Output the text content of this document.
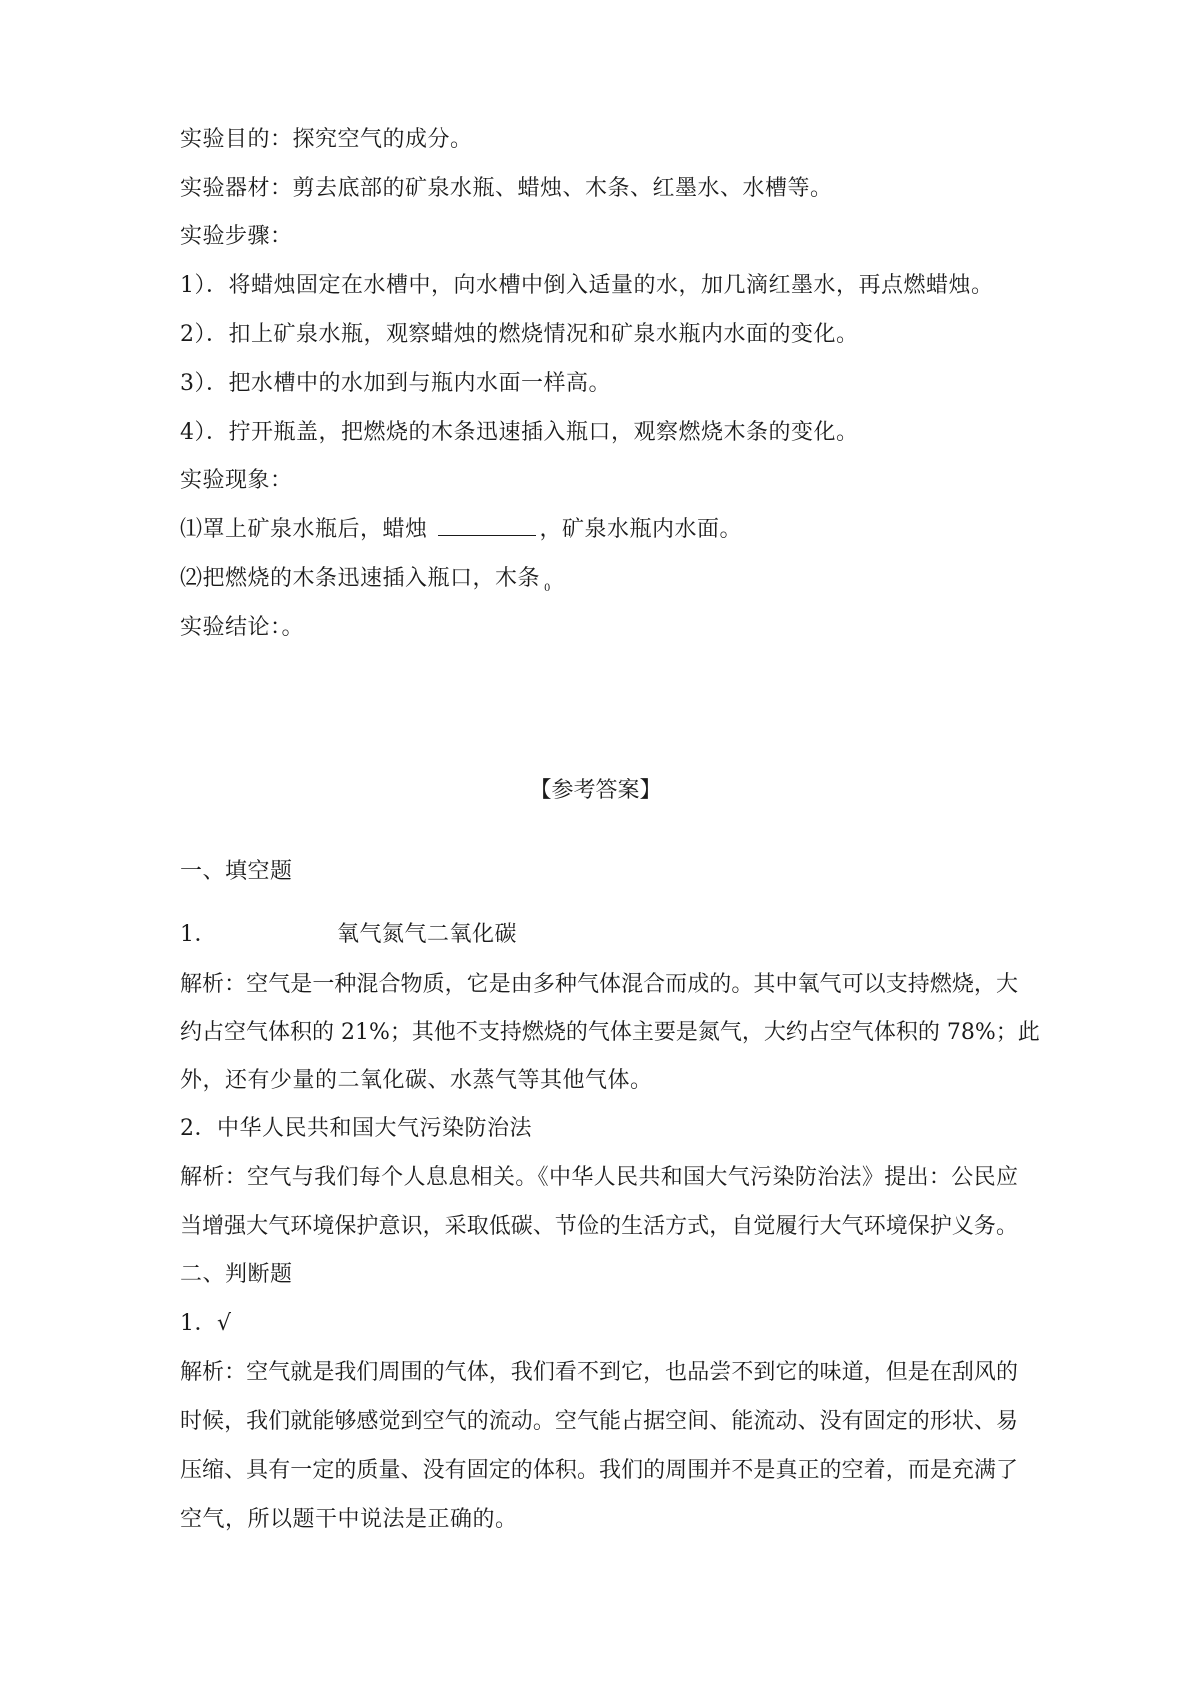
实验目的：探究空气的成分。
实验器材：剪去底部的矿泉水瓶、蜡烛、木条、红墨水、水槽等。
实验步骤：
1）．将蜡烛固定在水槽中，向水槽中倒入适量的水，加几滴红墨水，再点燃蜡烛。
2）．扣上矿泉水瓶，观察蜡烛的燃烧情况和矿泉水瓶内水面的变化。
3）．把水槽中的水加到与瓶内水面一样高。
4）．拧开瓶盖，把燃烧的木条迅速插入瓶口，观察燃烧木条的变化。
实验现象：
⑴罩上矿泉水瓶后，蜡烛	，矿泉水瓶内水面。
⑵把燃烧的木条迅速插入瓶口，木条 $_0$
实验结论：。
【参考答案】
一、填空题
1．	氧气氮气二氧化碳
解析：空气是一种混合物质，它是由多种气体混合而成的。其中氧气可以支持燃烧，大
约占空气体积的 21%；其他不支持燃烧的气体主要是氮气，大约占空气体积的 78%；此
外，还有少量的二氧化碳、水蒸气等其他气体。
2．中华人民共和国大气污染防治法
解析：空气与我们每个人息息相关。《中华人民共和国大气污染防治法》提出：公民应
当增强大气环境保护意识，采取低碳、节俭的生活方式，自觉履行大气环境保护义务。
二、判断题
1．√
解析：空气就是我们周围的气体，我们看不到它，也品尝不到它的味道，但是在刮风的
时候，我们就能够感觉到空气的流动。空气能占据空间、能流动、没有固定的形状、易
压缩、具有一定的质量、没有固定的体积。我们的周围并不是真正的空着，而是充满了
空气，所以题干中说法是正确的。
